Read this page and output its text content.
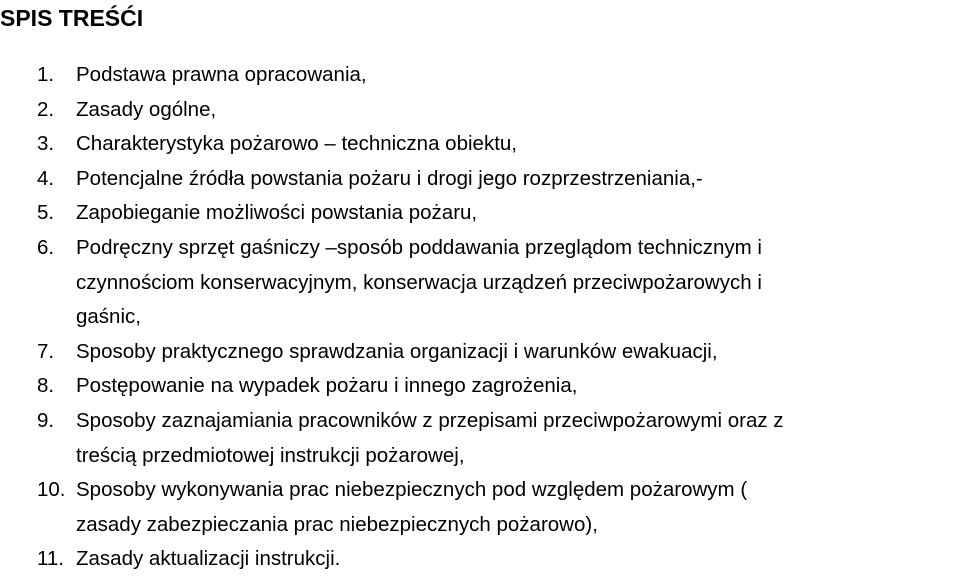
SPIS TREŚĆI
1. Podstawa prawna opracowania,
2. Zasady ogólne,
3. Charakterystyka pożarowo – techniczna obiektu,
4. Potencjalne źródła powstania pożaru i drogi jego rozprzestrzeniania,-
5. Zapobieganie możliwości powstania pożaru,
6. Podręczny sprzęt gaśniczy –sposób poddawania przeglądom technicznym i
czynnościom konserwacyjnym, konserwacja urządzeń przeciwpożarowych i
gaśnic,
7. Sposoby praktycznego sprawdzania organizacji i warunków ewakuacji,
8. Postępowanie na wypadek pożaru i innego zagrożenia,
9. Sposoby zaznajamiania pracowników z przepisami przeciwpożarowymi oraz z
treścią przedmiotowej instrukcji pożarowej,
10. Sposoby wykonywania prac niebezpiecznych pod względem pożarowym (
zasady zabezpieczania prac niebezpiecznych pożarowo),
11. Zasady aktualizacji instrukcji.
